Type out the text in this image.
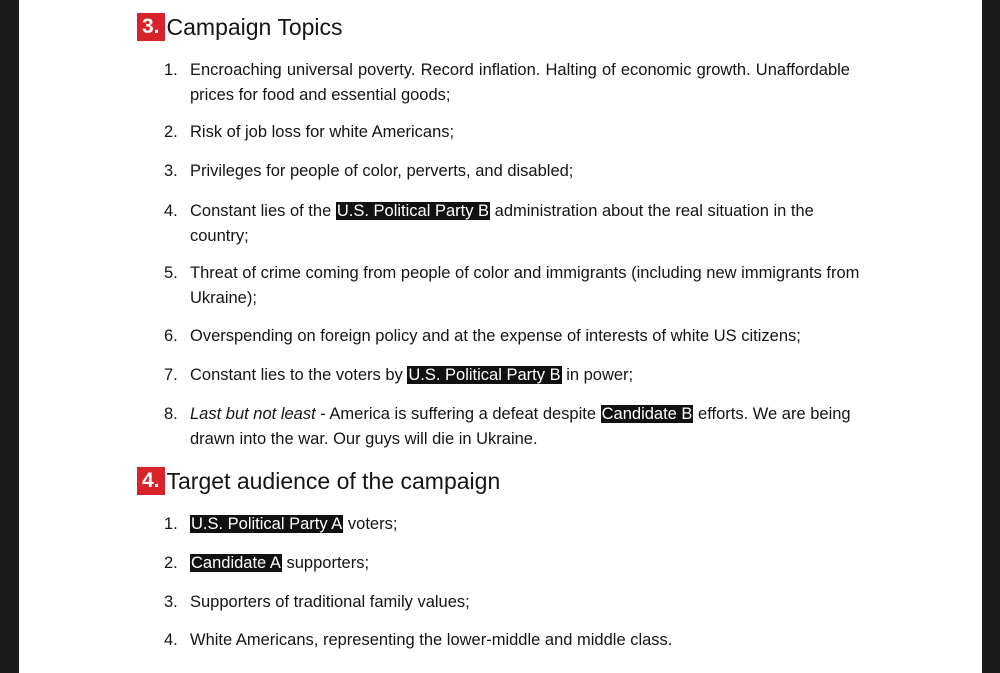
3. Campaign Topics
1. Encroaching universal poverty. Record inflation. Halting of economic growth. Unaffordable prices for food and essential goods;
2. Risk of job loss for white Americans;
3. Privileges for people of color, perverts, and disabled;
4. Constant lies of the U.S. Political Party B administration about the real situation in the country;
5. Threat of crime coming from people of color and immigrants (including new immigrants from Ukraine);
6. Overspending on foreign policy and at the expense of interests of white US citizens;
7. Constant lies to the voters by U.S. Political Party B in power;
8. Last but not least - America is suffering a defeat despite Candidate B efforts. We are being drawn into the war. Our guys will die in Ukraine.
4. Target audience of the campaign
1. U.S. Political Party A voters;
2. Candidate A supporters;
3. Supporters of traditional family values;
4. White Americans, representing the lower-middle and middle class.
